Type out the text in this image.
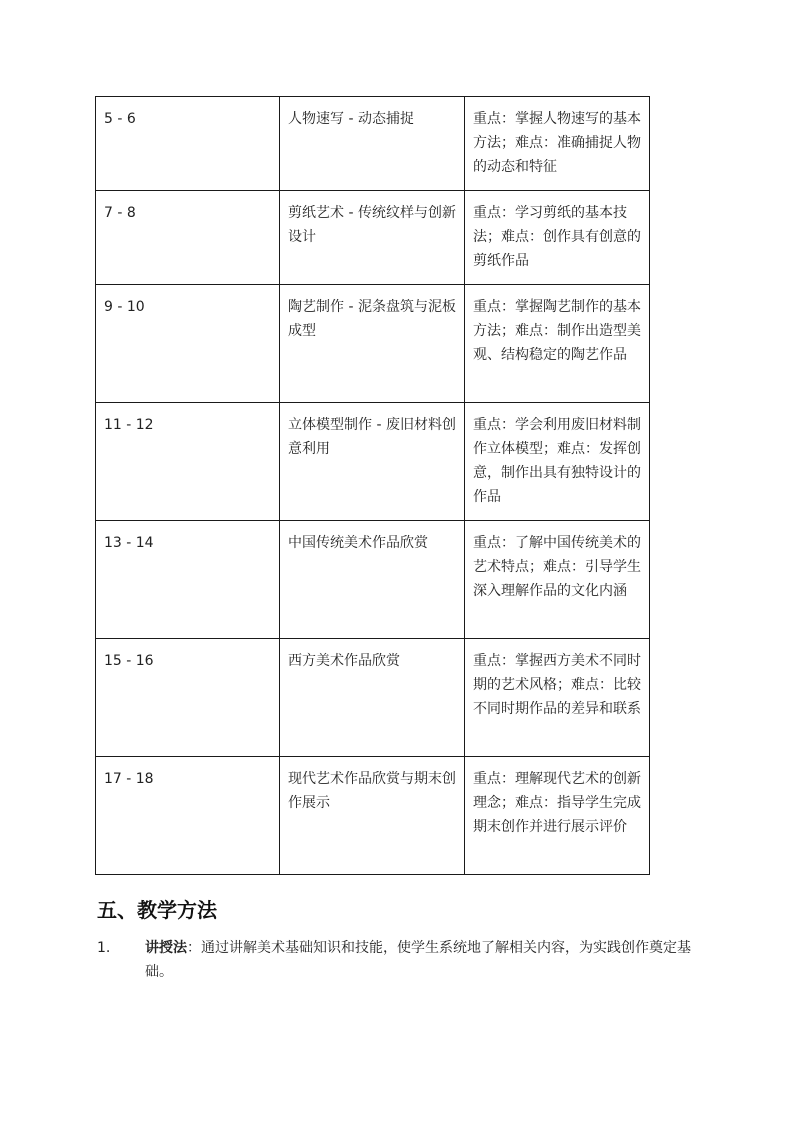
5 - 6	人物速写 - 动态捕捉	重点：掌握人物速写的基本方法；难点：准确捕捉人物的动态和特征
7 - 8	剪纸艺术 - 传统纹样与创新设计	重点：学习剪纸的基本技法；难点：创作具有创意的剪纸作品
9 - 10	陶艺制作 - 泥条盘筑与泥板成型	重点：掌握陶艺制作的基本方法；难点：制作出造型美观、结构稳定的陶艺作品
11 - 12	立体模型制作 - 废旧材料创意利用	重点：学会利用废旧材料制作立体模型；难点：发挥创意，制作出具有独特设计的作品
13 - 14	中国传统美术作品欣赏	重点：了解中国传统美术的艺术特点；难点：引导学生深入理解作品的文化内涵
15 - 16	西方美术作品欣赏	重点：掌握西方美术不同时期的艺术风格；难点：比较不同时期作品的差异和联系
17 - 18	现代艺术作品欣赏与期末创作展示	重点：理解现代艺术的创新理念；难点：指导学生完成期末创作并进行展示评价
五、教学方法
1. 讲授法：通过讲解美术基础知识和技能，使学生系统地了解相关内容，为实践创作奠定基础。
